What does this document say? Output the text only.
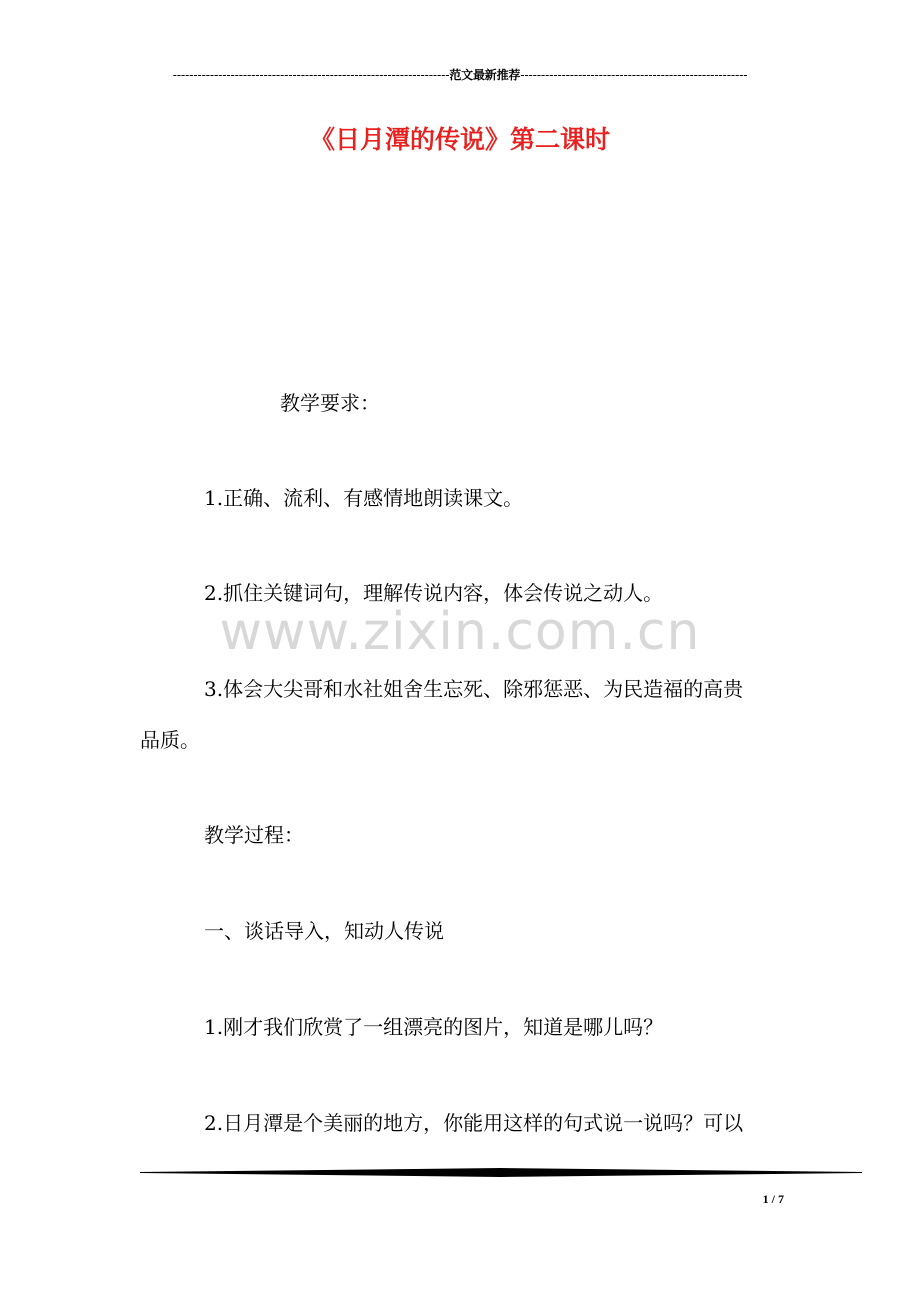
-------------------------------------------------------------------范文最新推荐-------------------------------------------------------
《日月潭的传说》第二课时
www.zixin.com.cn
教学要求：
1.正确、流利、有感情地朗读课文。
2.抓住关键词句，理解传说内容，体会传说之动人。
3.体会大尖哥和水社姐舍生忘死、除邪惩恶、为民造福的高贵
品质。
教学过程：
一、谈话导入，知动人传说
1.刚才我们欣赏了一组漂亮的图片，知道是哪儿吗？
2.日月潭是个美丽的地方，你能用这样的句式说一说吗？可以
1 / 7
